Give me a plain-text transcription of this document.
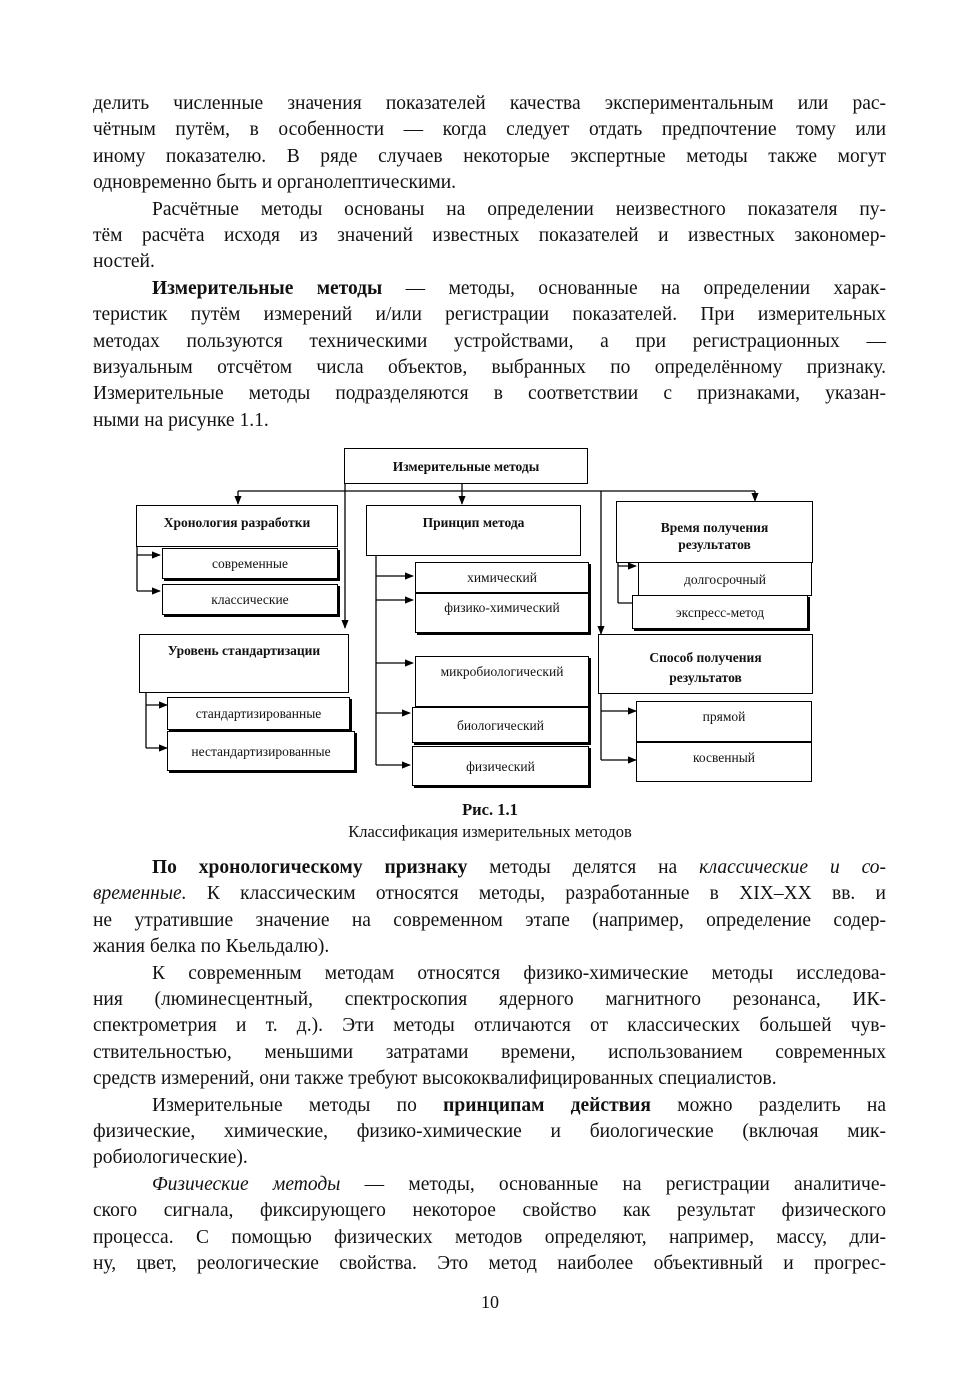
делить численные значения показателей качества экспериментальным или рас-
чётным путём, в особенности — когда следует отдать предпочтение тому или
иному показателю. В ряде случаев некоторые экспертные методы также могут
одновременно быть и органолептическими.

Расчётные методы основаны на определении неизвестного показателя пу-
тём расчёта исходя из значений известных показателей и известных закономер-
ностей.

Измерительные методы — методы, основанные на определении харак-
теристик путём измерений и/или регистрации показателей. При измерительных
методах пользуются техническими устройствами, а при регистрационных —
визуальным отсчётом числа объектов, выбранных по определённому признаку.
Измерительные методы подразделяются в соответствии с признаками, указан-
ными на рисунке 1.1.

Измерительные методы
Хронология разработки
современные
классические
Принцип метода
химический
физико-химический
микробиологический
биологический
физический
Время получения
результатов
долгосрочный
экспресс-метод
Уровень стандартизации
стандартизированные
нестандартизированные
Способ получения
результатов
прямой
косвенный
Рис. 1.1
Классификация измерительных методов

По хронологическому признаку методы делятся на классические и со-
временные. К классическим относятся методы, разработанные в XIX–XX вв. и
не утратившие значение на современном этапе (например, определение содер-
жания белка по Кьельдалю).

К современным методам относятся физико-химические методы исследова-
ния (люминесцентный, спектроскопия ядерного магнитного резонанса, ИК-
спектрометрия и т. д.). Эти методы отличаются от классических большей чув-
ствительностью, меньшими затратами времени, использованием современных
средств измерений, они также требуют высококвалифицированных специалистов.

Измерительные методы по принципам действия можно разделить на
физические, химические, физико-химические и биологические (включая мик-
робиологические).

Физические методы — методы, основанные на регистрации аналитиче-
ского сигнала, фиксирующего некоторое свойство как результат физического
процесса. С помощью физических методов определяют, например, массу, дли-
ну, цвет, реологические свойства. Это метод наиболее объективный и прогрес-

10
